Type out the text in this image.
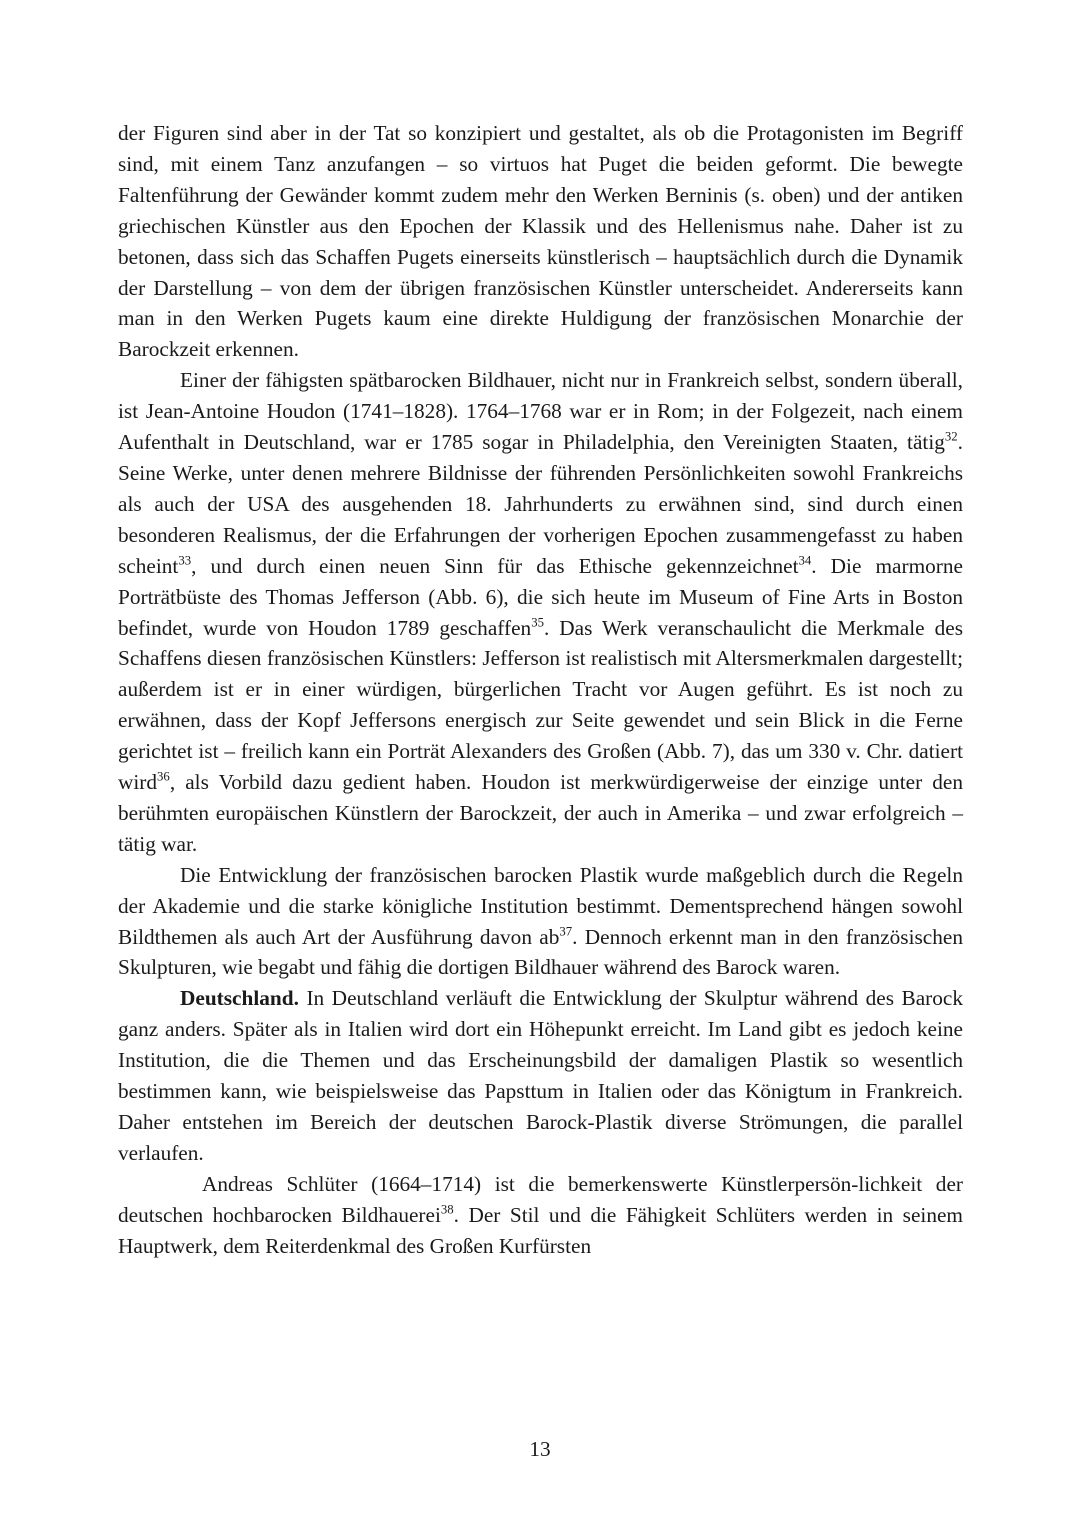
der Figuren sind aber in der Tat so konzipiert und gestaltet, als ob die Protagonisten im Begriff sind, mit einem Tanz anzufangen – so virtuos hat Puget die beiden geformt. Die bewegte Faltenführung der Gewänder kommt zudem mehr den Werken Berninis (s. oben) und der antiken griechischen Künstler aus den Epochen der Klassik und des Hellenismus nahe. Daher ist zu betonen, dass sich das Schaffen Pugets einerseits künstlerisch – hauptsächlich durch die Dynamik der Darstellung – von dem der übrigen französischen Künstler unterscheidet. Andererseits kann man in den Werken Pugets kaum eine direkte Huldigung der französischen Monarchie der Barockzeit erkennen.

Einer der fähigsten spätbarocken Bildhauer, nicht nur in Frankreich selbst, sondern überall, ist Jean-Antoine Houdon (1741–1828). 1764–1768 war er in Rom; in der Folgezeit, nach einem Aufenthalt in Deutschland, war er 1785 sogar in Philadelphia, den Vereinigten Staaten, tätig$^{32}$. Seine Werke, unter denen mehrere Bildnisse der führenden Persönlichkeiten sowohl Frankreichs als auch der USA des ausgehenden 18. Jahrhunderts zu erwähnen sind, sind durch einen besonderen Realismus, der die Erfahrungen der vorherigen Epochen zusammengefasst zu haben scheint$^{33}$, und durch einen neuen Sinn für das Ethische gekennzeichnet$^{34}$. Die marmorne Porträtbüste des Thomas Jefferson (Abb. 6), die sich heute im Museum of Fine Arts in Boston befindet, wurde von Houdon 1789 geschaffen$^{35}$. Das Werk veranschaulicht die Merkmale des Schaffens diesen französischen Künstlers: Jefferson ist realistisch mit Altersmerkmalen dargestellt; außerdem ist er in einer würdigen, bürgerlichen Tracht vor Augen geführt. Es ist noch zu erwähnen, dass der Kopf Jeffersons energisch zur Seite gewendet und sein Blick in die Ferne gerichtet ist – freilich kann ein Porträt Alexanders des Großen (Abb. 7), das um 330 v. Chr. datiert wird$^{36}$, als Vorbild dazu gedient haben. Houdon ist merkwürdigerweise der einzige unter den berühmten europäischen Künstlern der Barockzeit, der auch in Amerika – und zwar erfolgreich – tätig war.

Die Entwicklung der französischen barocken Plastik wurde maßgeblich durch die Regeln der Akademie und die starke königliche Institution bestimmt. Dementsprechend hängen sowohl Bildthemen als auch Art der Ausführung davon $ab^{37}$. Dennoch erkennt man in den französischen Skulpturen, wie begabt und fähig die dortigen Bildhauer während des Barock waren.

Deutschland. In Deutschland verläuft die Entwicklung der Skulptur während des Barock ganz anders. Später als in Italien wird dort ein Höhepunkt erreicht. Im Land gibt es jedoch keine Institution, die die Themen und das Erscheinungsbild der damaligen Plastik so wesentlich bestimmen kann, wie beispielsweise das Papsttum in Italien oder das Königtum in Frankreich. Daher entstehen im Bereich der deutschen Barock-Plastik diverse Strömungen, die parallel verlaufen.

Andreas Schlüter (1664–1714) ist die bemerkenswerte Künstlerpersön-lichkeit der deutschen hochbarocken Bildhauerei$^{38}$. Der Stil und die Fähigkeit Schlüters werden in seinem Hauptwerk, dem Reiterdenkmal des Großen Kurfürsten

13
